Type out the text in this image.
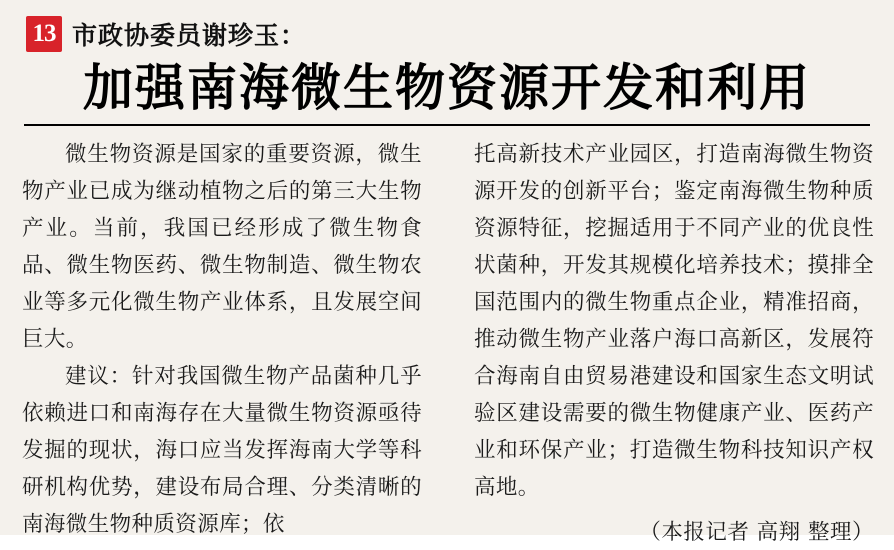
13 市政协委员谢珍玉：
加强南海微生物资源开发和利用

微生物资源是国家的重要资源，微生物产业已成为继动植物之后的第三大生物产业。当前，我国已经形成了微生物食品、微生物医药、微生物制造、微生物农业等多元化微生物产业体系，且发展空间巨大。

建议：针对我国微生物产品菌种几乎依赖进口和南海存在大量微生物资源亟待发掘的现状，海口应当发挥海南大学等科研机构优势，建设布局合理、分类清晰的南海微生物种质资源库；依

托高新技术产业园区，打造南海微生物资源开发的创新平台；鉴定南海微生物种质资源特征，挖掘适用于不同产业的优良性状菌种，开发其规模化培养技术；摸排全国范围内的微生物重点企业，精准招商，推动微生物产业落户海口高新区，发展符合海南自由贸易港建设和国家生态文明试验区建设需要的微生物健康产业、医药产业和环保产业；打造微生物科技知识产权高地。

（本报记者 高翔 整理）
